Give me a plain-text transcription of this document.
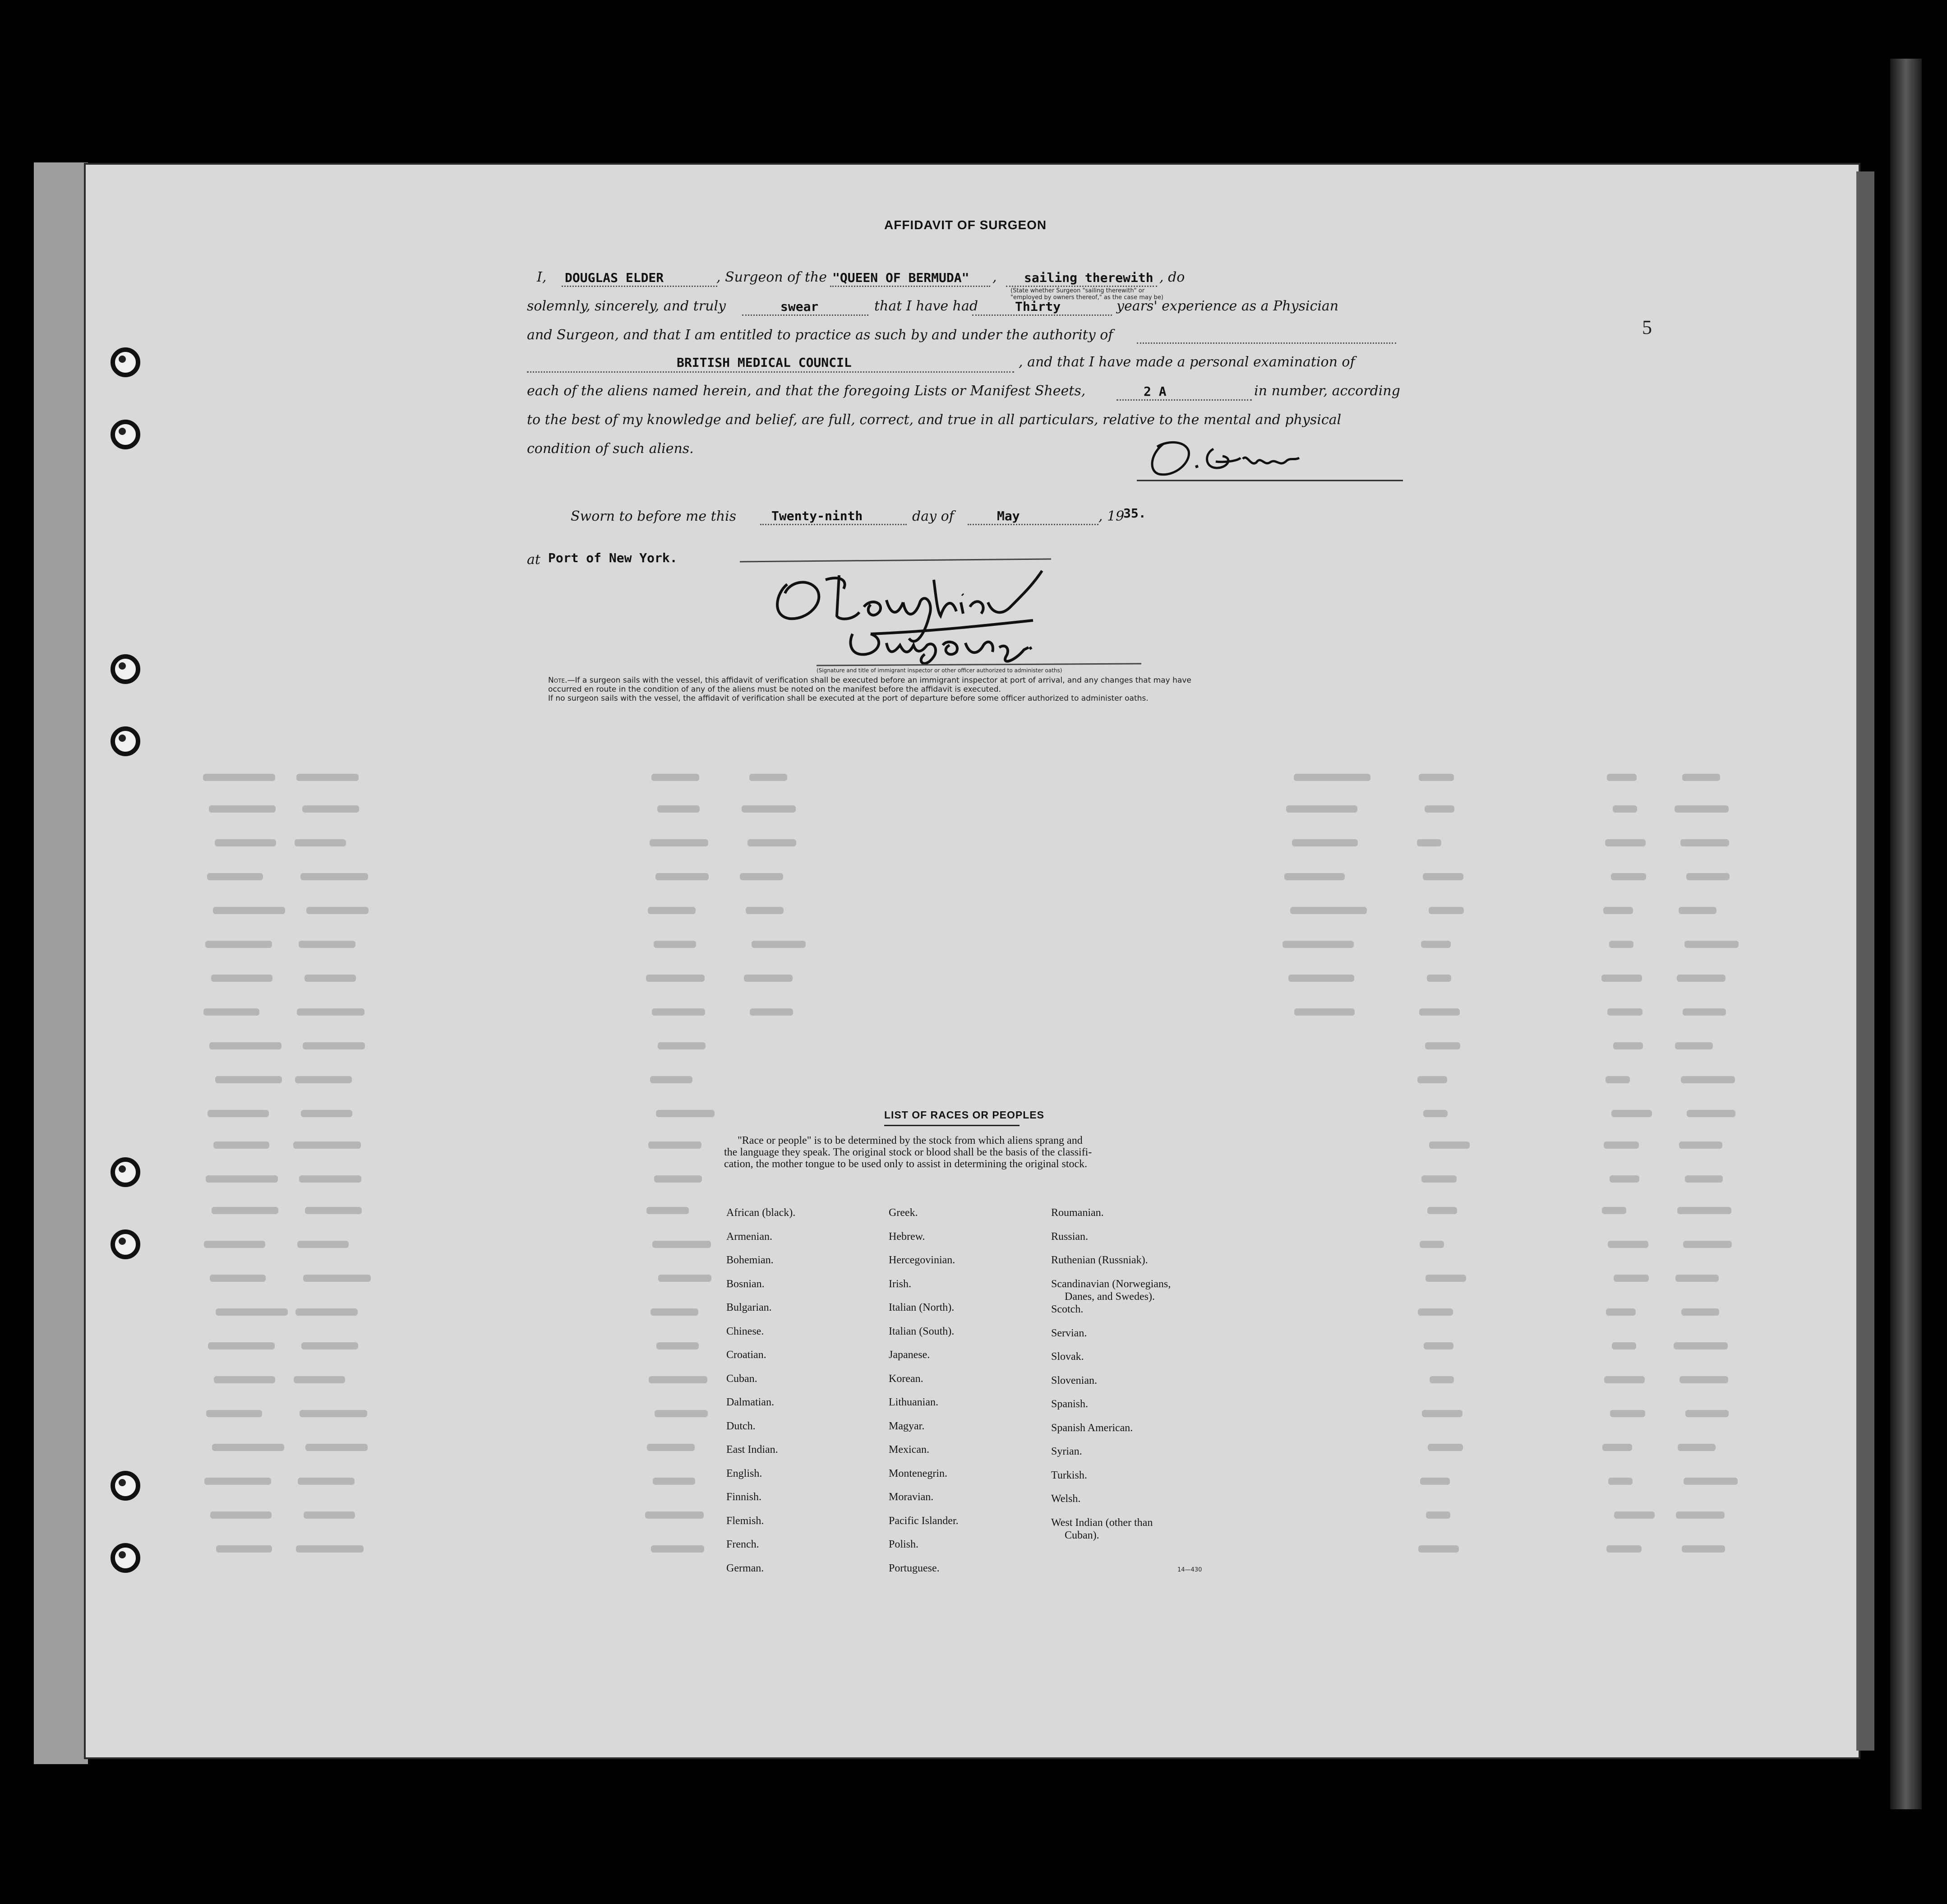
AFFIDAVIT OF SURGEON
I, DOUGLAS ELDER	, Surgeon of the "QUEEN OF BERMUDA" , sailing therewith , do
(State whether Surgeon "sailing therewith" or "employed by owners thereof," as the case may be)
solemnly, sincerely, and truly	swear	that I have had	Thirty	years' experience as a Physician
and Surgeon, and that I am entitled to practice as such by and under the authority of
BRITISH MEDICAL COUNCIL	, and that I have made a personal examination of
each of the aliens named herein, and that the foregoing Lists or Manifest Sheets,	2 A	in number, according
to the best of my knowledge and belief, are full, correct, and true in all particulars, relative to the mental and physical
condition of such aliens.
Sworn to before me this	Twenty-ninth	day of	May	, 19
35.
at Port of New York.
(Signature and title of immigrant inspector or other officer authorized to administer oaths)
Note.—If a surgeon sails with the vessel, this affidavit of verification shall be executed before an immigrant inspector at port of arrival, and any changes that may have
occurred en route in the condition of any of the aliens must be noted on the manifest before the affidavit is executed.
If no surgeon sails with the vessel, the affidavit of verification shall be executed at the port of departure before some officer authorized to administer oaths.
LIST OF RACES OR PEOPLES
"Race or people" is to be determined by the stock from which aliens sprang and
the language they speak. The original stock or blood shall be the basis of the classifi-
cation, the mother tongue to be used only to assist in determining the original stock.
African (black).
Armenian.
Bohemian.
Bosnian.
Bulgarian.
Chinese.
Croatian.
Cuban.
Dalmatian.
Dutch.
East Indian.
English.
Finnish.
Flemish.
French.
German.
Greek.
Hebrew.
Hercegovinian.
Irish.
Italian (North).
Italian (South).
Japanese.
Korean.
Lithuanian.
Magyar.
Mexican.
Montenegrin.
Moravian.
Pacific Islander.
Polish.
Portuguese.
Roumanian.
Russian.
Ruthenian (Russniak).
Scandinavian (Norwegians,
Danes, and Swedes).
Scotch.
Servian.
Slovak.
Slovenian.
Spanish.
Spanish American.
Syrian.
Turkish.
Welsh.
West Indian (other than
Cuban).
14—430
5
